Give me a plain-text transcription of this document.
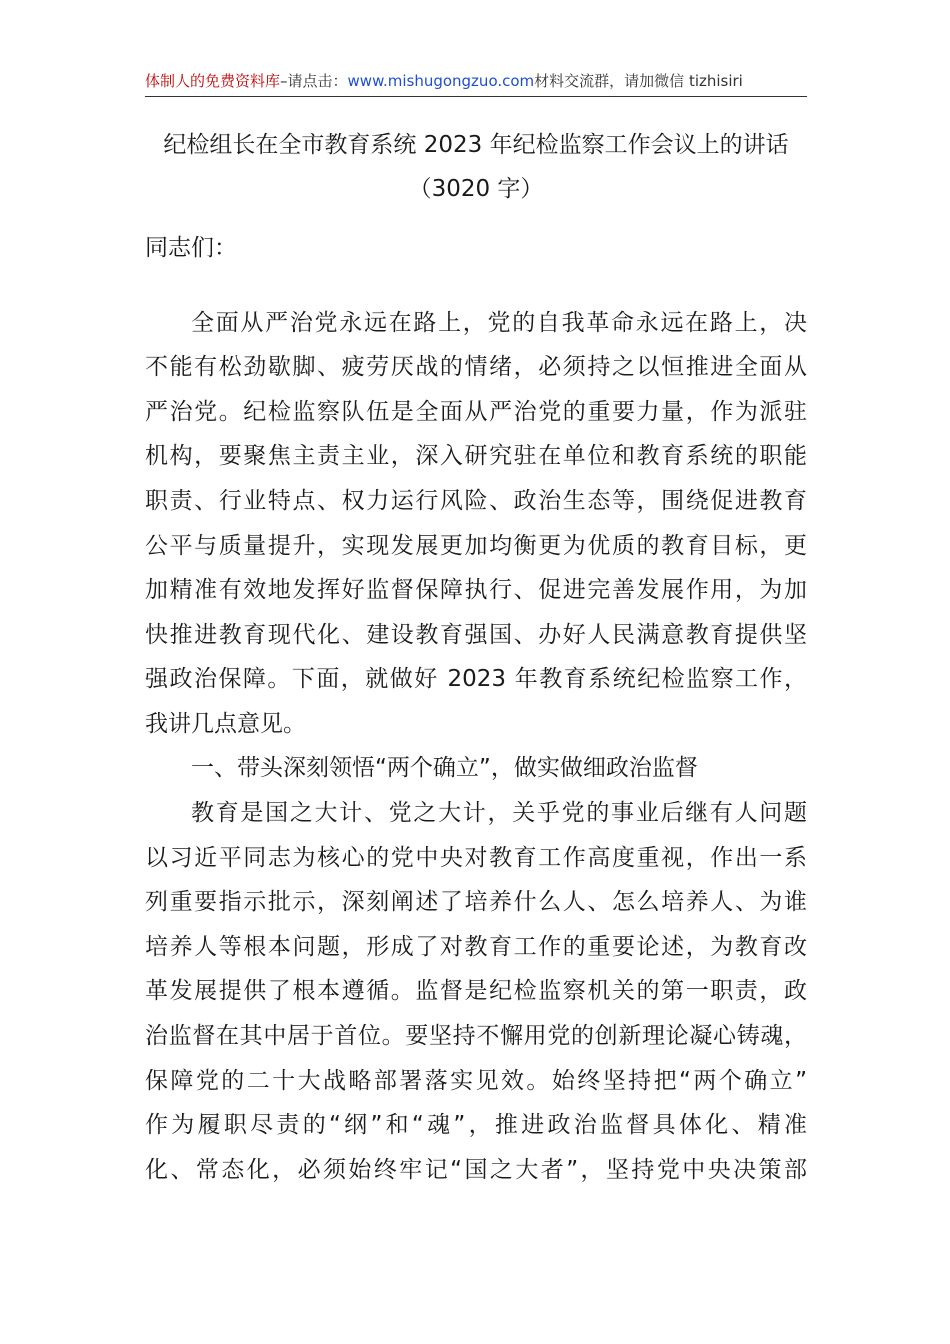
体制人的免费资料库–请点击：www.mishugongzuo.com材料交流群，请加微信 tizhisiri
纪检组长在全市教育系统 2023 年纪检监察工作会议上的讲话
（3020 字）
同志们：
全面从严治党永远在路上，党的自我革命永远在路上，决
不能有松劲歇脚、疲劳厌战的情绪，必须持之以恒推进全面从
严治党。纪检监察队伍是全面从严治党的重要力量，作为派驻
机构，要聚焦主责主业，深入研究驻在单位和教育系统的职能
职责、行业特点、权力运行风险、政治生态等，围绕促进教育
公平与质量提升，实现发展更加均衡更为优质的教育目标，更
加精准有效地发挥好监督保障执行、促进完善发展作用，为加
快推进教育现代化、建设教育强国、办好人民满意教育提供坚
强政治保障。下面，就做好 2023 年教育系统纪检监察工作，
我讲几点意见。
一、带头深刻领悟“两个确立”，做实做细政治监督
教育是国之大计、党之大计，关乎党的事业后继有人问题
以习近平同志为核心的党中央对教育工作高度重视，作出一系
列重要指示批示，深刻阐述了培养什么人、怎么培养人、为谁
培养人等根本问题，形成了对教育工作的重要论述，为教育改
革发展提供了根本遵循。监督是纪检监察机关的第一职责，政
治监督在其中居于首位。要坚持不懈用党的创新理论凝心铸魂，
保障党的二十大战略部署落实见效。始终坚持把“两个确立”
作为履职尽责的“纲”和“魂”，推进政治监督具体化、精准
化、常态化，必须始终牢记“国之大者”，坚持党中央决策部
